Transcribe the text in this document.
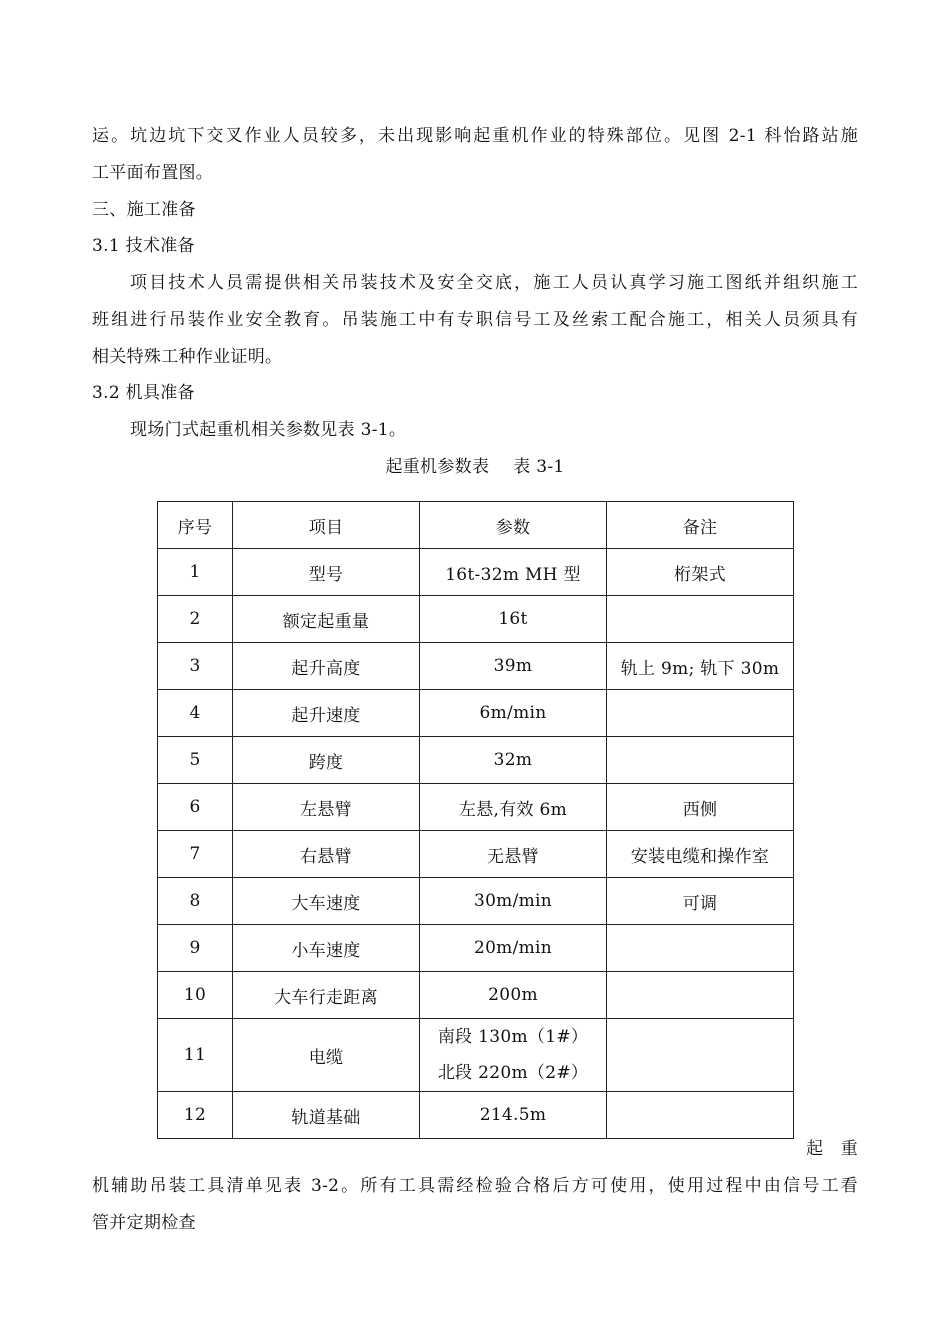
运。坑边坑下交叉作业人员较多，未出现影响起重机作业的特殊部位。见图 2-1 科怡路站施
工平面布置图。
三、施工准备
3.1 技术准备
项目技术人员需提供相关吊装技术及安全交底，施工人员认真学习施工图纸并组织施工
班组进行吊装作业安全教育。吊装施工中有专职信号工及丝索工配合施工，相关人员须具有
相关特殊工种作业证明。
3.2 机具准备
现场门式起重机相关参数见表 3-1。
起重机参数表 表 3-1
序号	项目	参数	备注
1	型号	16t-32m MH 型	桁架式
2	额定起重量	16t	
3	起升高度	39m	轨上 9m; 轨下 30m
4	起升速度	6m/min	
5	跨度	32m	
6	左悬臂	左悬,有效 6m	西侧
7	右悬臂	无悬臂	安装电缆和操作室
8	大车速度	30m/min	可调
9	小车速度	20m/min	
10	大车行走距离	200m	
11	电缆	南段 130m（1#）
北段 220m（2#）	

12	轨道基础	214.5m	
起　重
机辅助吊装工具清单见表 3-2。所有工具需经检验合格后方可使用，使用过程中由信号工看
管并定期检查
